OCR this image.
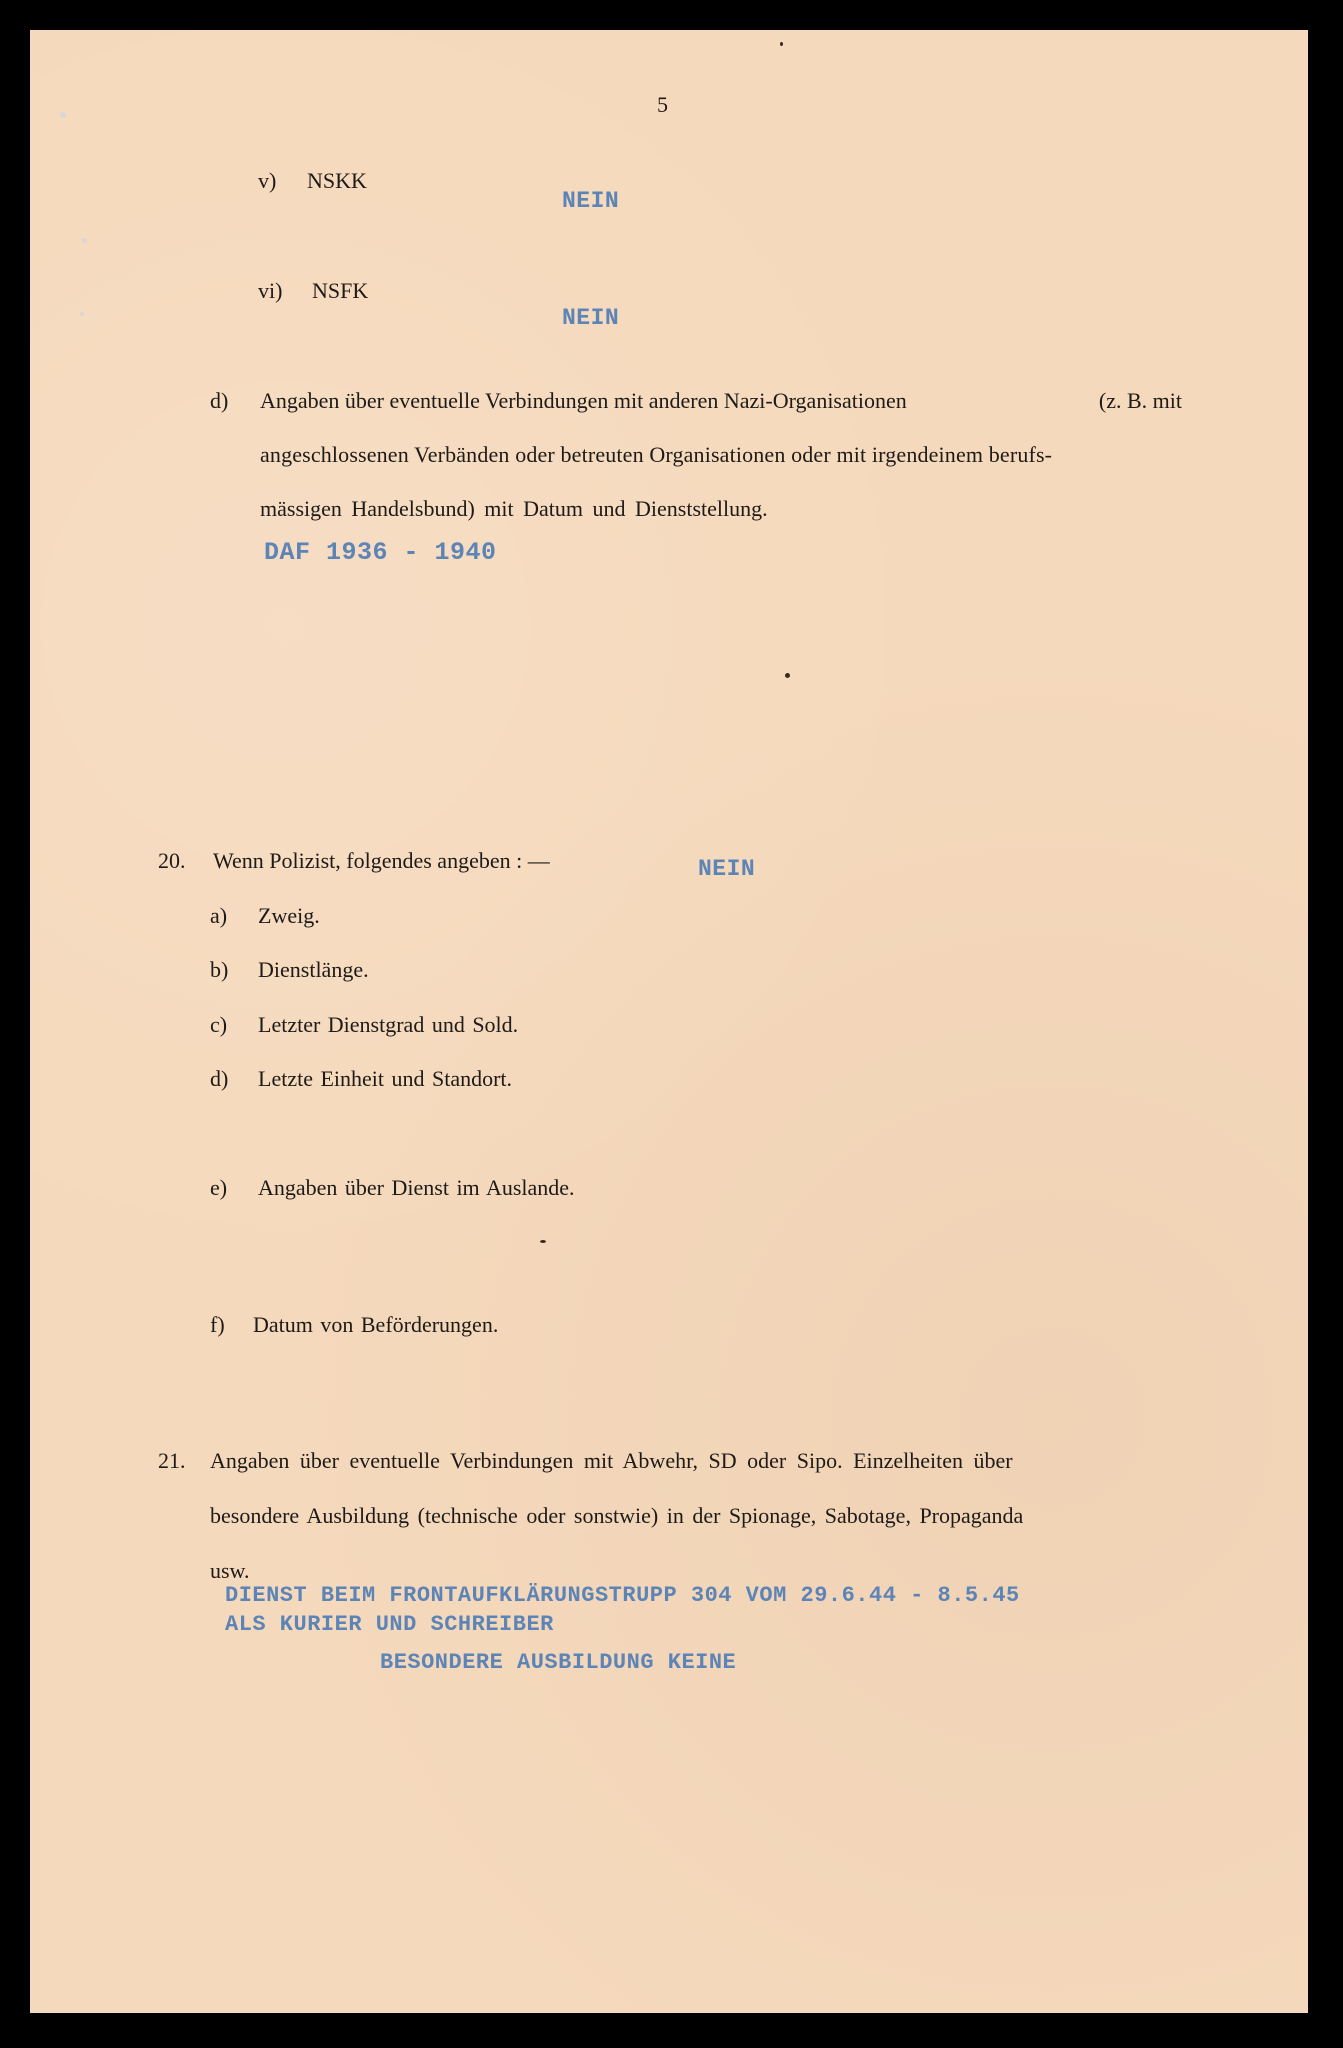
5
v) NSKK
NEIN
vi) NSFK
NEIN
d) Angaben über eventuelle Verbindungen mit anderen Nazi-Organisationen	(z. B. mit
angeschlossenen Verbänden oder betreuten Organisationen oder mit irgendeinem berufs-
mässigen Handelsbund) mit Datum und Dienststellung.
DAF 1936 - 1940
20. Wenn Polizist, folgendes angeben : —	NEIN
a) Zweig.
b) Dienstlänge.
c) Letzter Dienstgrad und Sold.
d) Letzte Einheit und Standort.
e) Angaben über Dienst im Auslande.
f) Datum von Beförderungen.
21. Angaben über eventuelle Verbindungen mit Abwehr, SD oder Sipo. Einzelheiten über
besondere Ausbildung (technische oder sonstwie) in der Spionage, Sabotage, Propaganda
usw.
DIENST BEIM FRONTAUFKLÄRUNGSTRUPP 304 VOM 29.6.44 - 8.5.45
ALS KURIER UND SCHREIBER
BESONDERE AUSBILDUNG KEINE
